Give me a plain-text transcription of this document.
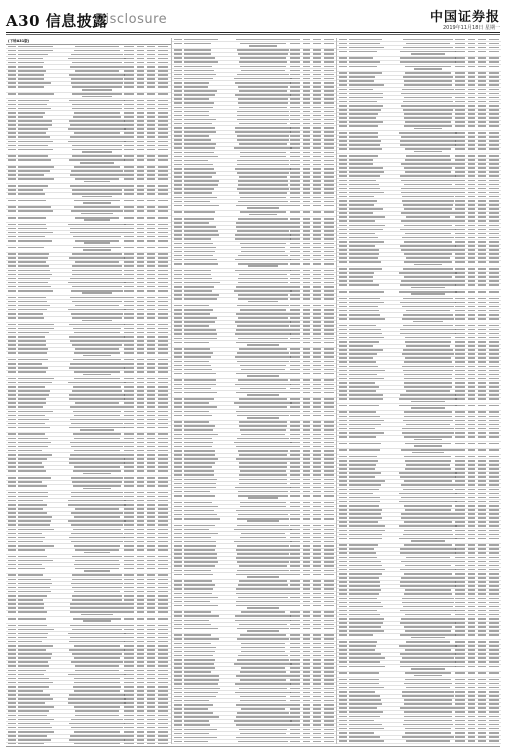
A30 信息披露
Disclosure	中国证券报
2019年11月18日 星期一
(下转A31版)
